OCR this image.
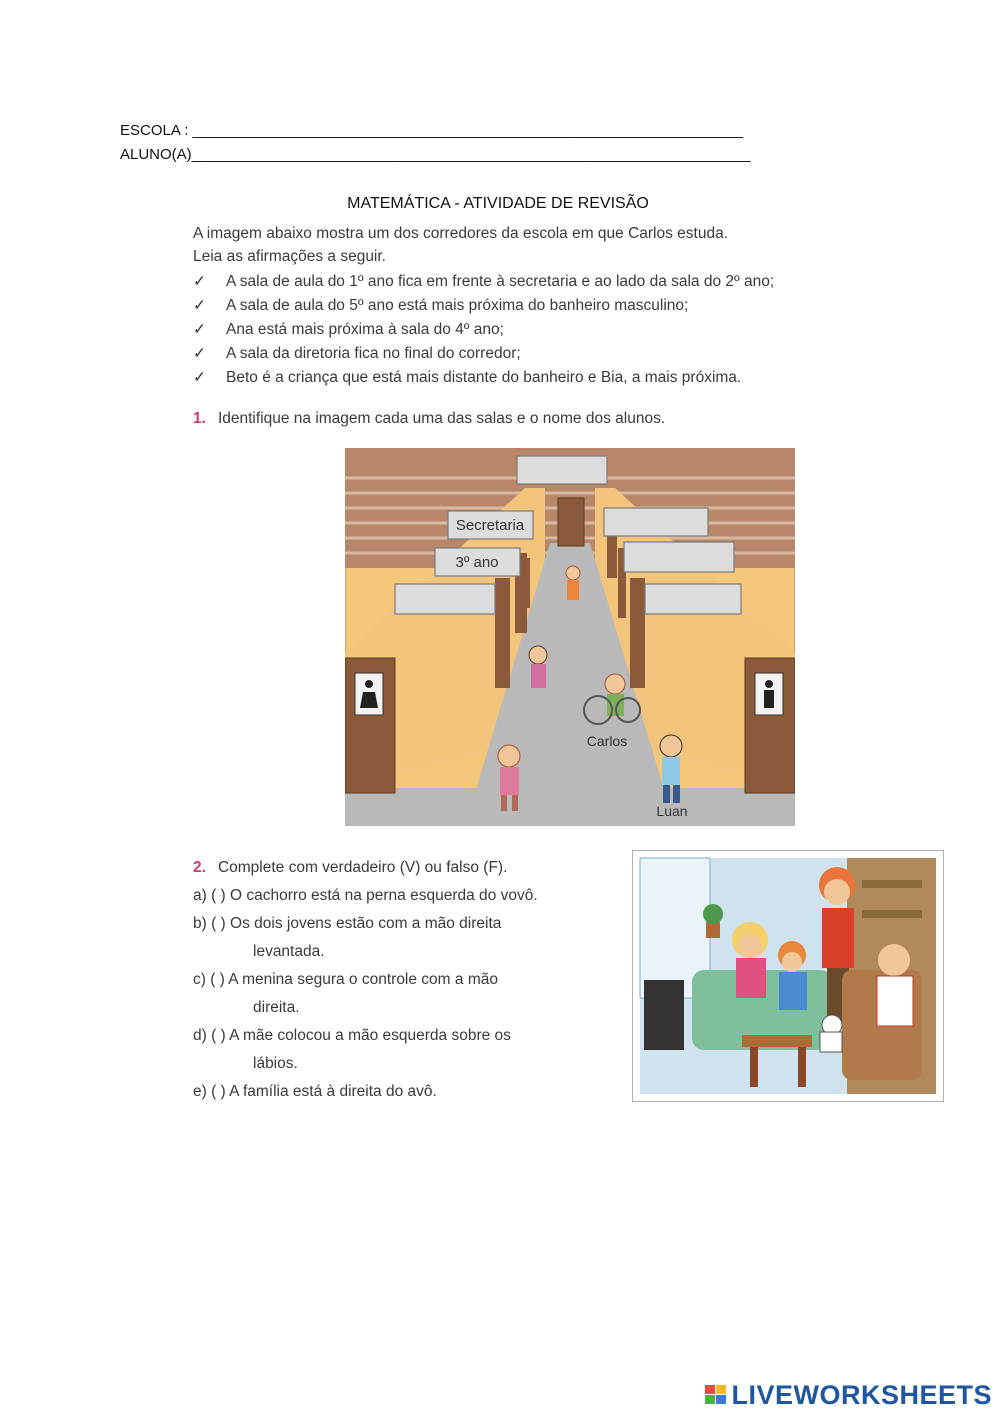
ESCOLA : __________________________________________________________________
ALUNO(A)___________________________________________________________________
MATEMÁTICA - ATIVIDADE DE REVISÃO
A imagem abaixo mostra um dos corredores da escola em que Carlos estuda.
Leia as afirmações a seguir.
✓ A sala de aula do 1º ano fica em frente à secretaria e ao lado da sala do 2º ano;
✓ A sala de aula do 5º ano está mais próxima do banheiro masculino;
✓ Ana está mais próxima à sala do 4º ano;
✓ A sala da diretoria fica no final do corredor;
✓ Beto é a criança que está mais distante do banheiro e Bia, a mais próxima.
1. Identifique na imagem cada uma das salas e o nome dos alunos.
Secretaria
3º ano
Carlos
Luan
2. Complete com verdadeiro (V) ou falso (F).
a) ( ) O cachorro está na perna esquerda do vovô.
b) ( ) Os dois jovens estão com a mão direita
levantada.
c) ( ) A menina segura o controle com a mão
direita.
d) ( ) A mãe colocou a mão esquerda sobre os
lábios.
e) ( ) A família está à direita do avô.
LIVEWORKSHEETS
